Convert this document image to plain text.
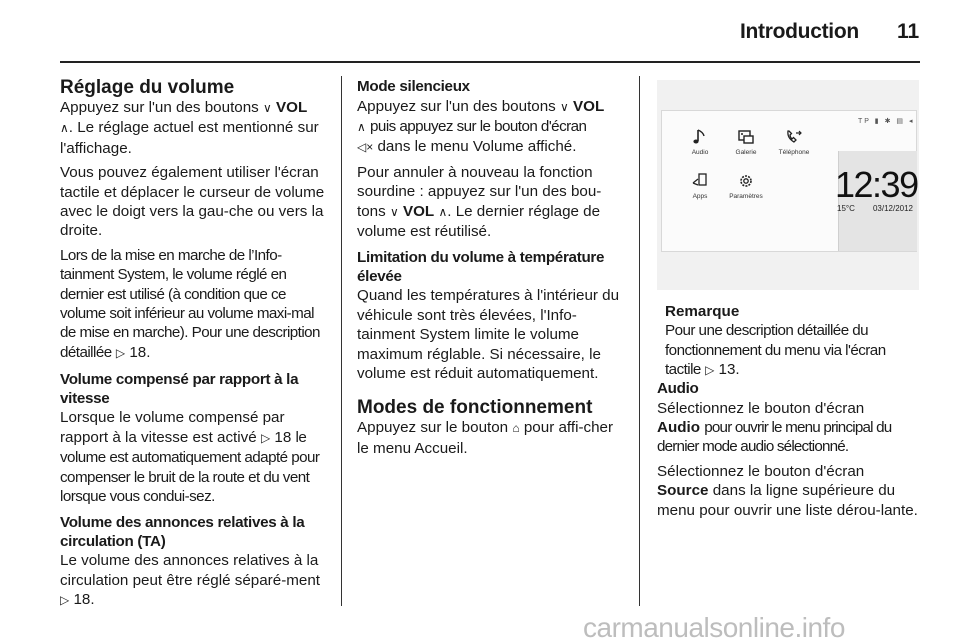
Introduction 11
Réglage du volume

Appuyez sur l'un des boutons ∨ VOL
∧. Le réglage actuel est mentionné sur l'affichage.

Vous pouvez également utiliser l'écran tactile et déplacer le curseur de volume avec le doigt vers la gau-che ou vers la droite.

Lors de la mise en marche de l’Info-tainment System, le volume réglé en dernier est utilisé (à condition que ce volume soit inférieur au volume maxi-mal de mise en marche). Pour une description détaillée ▷ 18.

Volume compensé par rapport à la vitesse

Lorsque le volume compensé par rapport à la vitesse est activé ▷ 18 le volume est automatiquement adapté pour compenser le bruit de la route et du vent lorsque vous condui-sez.

Volume des annonces relatives à la circulation (TA)

Le volume des annonces relatives à la circulation peut être réglé séparé-ment ▷ 18.

Mode silencieux

Appuyez sur l'un des boutons ∨ VOL
∧ puis appuyez sur le bouton d'écran
◁× dans le menu Volume affiché.

Pour annuler à nouveau la fonction sourdine : appuyez sur l'un des bou-tons ∨ VOL ∧. Le dernier réglage de volume est réutilisé.

Limitation du volume à température élevée

Quand les températures à l'intérieur du véhicule sont très élevées, l'Info-tainment System limite le volume maximum réglable. Si nécessaire, le volume est réduit automatiquement.

Modes de fonctionnement

Appuyez sur le bouton ⌂ pour affi-cher le menu Accueil.

TP ▮ ✱ ▤ ◂
Audio	Galerie	Téléphone
Apps	Paramètres 12:39
15°C 03/12/2012
Remarque
Pour une description détaillée du fonctionnement du menu via l'écran tactile ▷ 13.

Audio

Sélectionnez le bouton d'écran
Audio pour ouvrir le menu principal du dernier mode audio sélectionné.

Sélectionnez le bouton d'écran
Source dans la ligne supérieure du menu pour ouvrir une liste dérou-lante.

carmanualsonline.info
